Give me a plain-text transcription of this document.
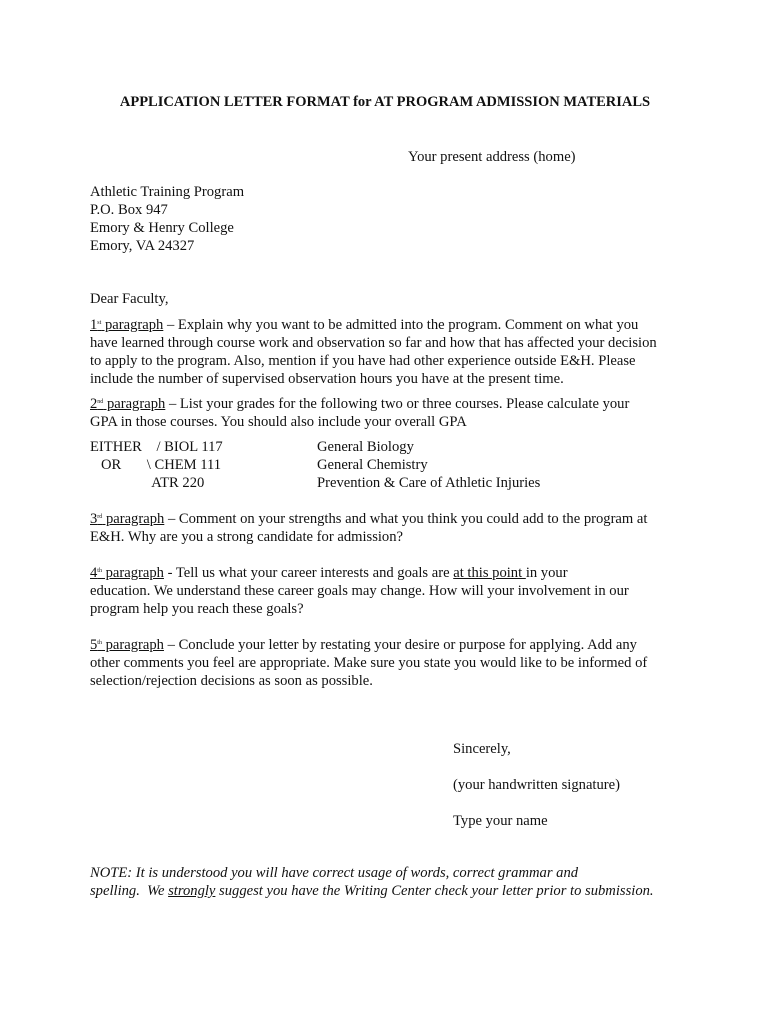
APPLICATION LETTER FORMAT for AT PROGRAM ADMISSION MATERIALS
Your present address (home)
Athletic Training Program
P.O. Box 947
Emory & Henry College
Emory, VA 24327
Dear Faculty,
1st paragraph – Explain why you want to be admitted into the program. Comment on what you
have learned through course work and observation so far and how that has affected your decision
to apply to the program. Also, mention if you have had other experience outside E&H. Please
include the number of supervised observation hours you have at the present time.
2nd paragraph – List your grades for the following two or three courses. Please calculate your
GPA in those courses. You should also include your overall GPA
EITHER    / BIOL 117	General Biology
OR       \ CHEM 111	General Chemistry
ATR 220	Prevention & Care of Athletic Injuries
3rd paragraph – Comment on your strengths and what you think you could add to the program at
E&H. Why are you a strong candidate for admission?
4th paragraph - Tell us what your career interests and goals are at this point in your
education. We understand these career goals may change. How will your involvement in our
program help you reach these goals?
5th paragraph – Conclude your letter by restating your desire or purpose for applying. Add any
other comments you feel are appropriate. Make sure you state you would like to be informed of
selection/rejection decisions as soon as possible.
Sincerely,
(your handwritten signature)
Type your name
NOTE: It is understood you will have correct usage of words, correct grammar and
spelling.  We strongly suggest you have the Writing Center check your letter prior to submission.
